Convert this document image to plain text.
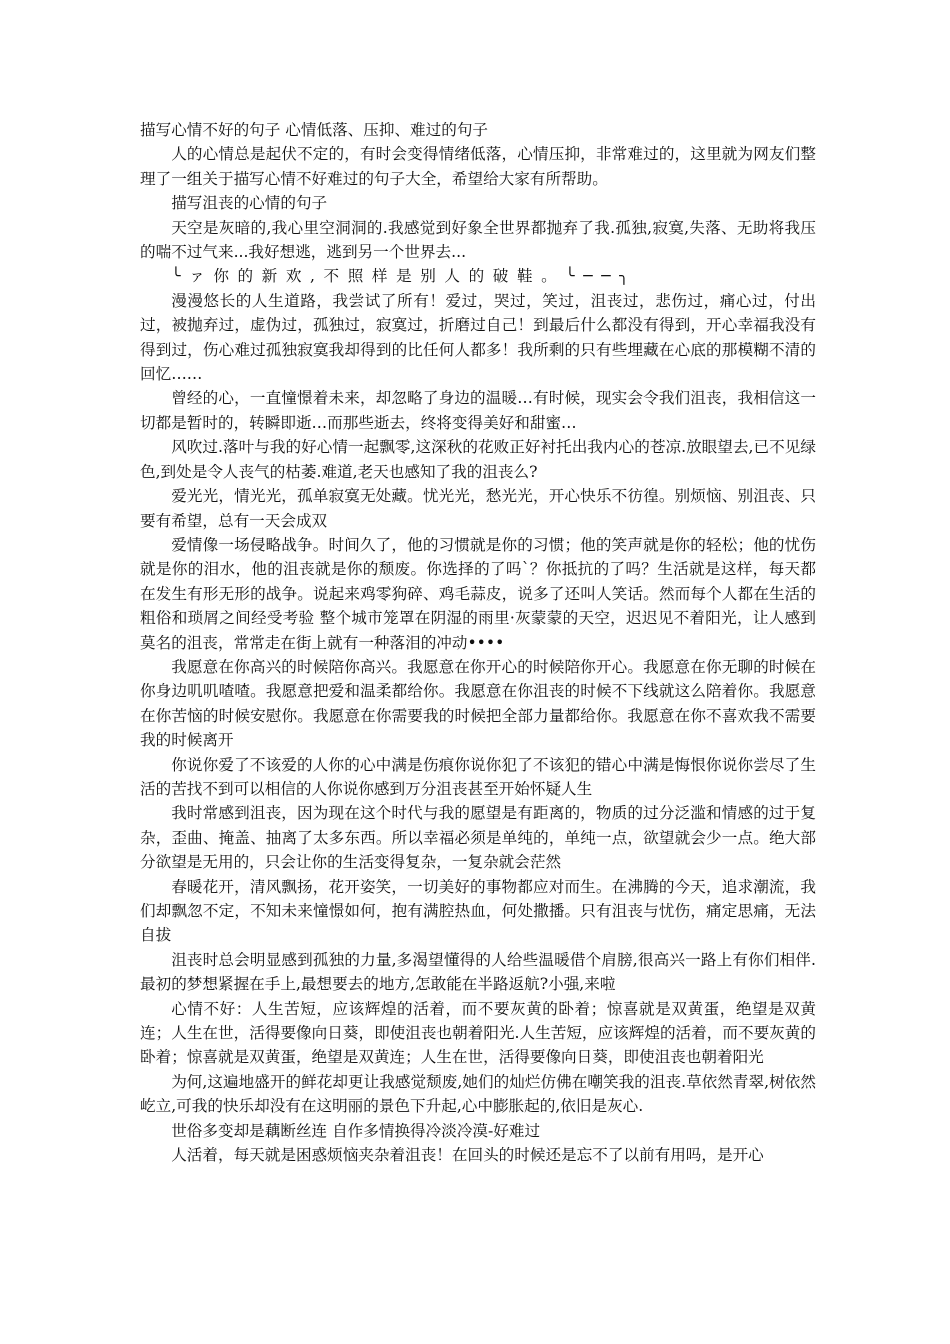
描写心情不好的句子 心情低落、压抑、难过的句子

人的心情总是起伏不定的，有时会变得情绪低落，心情压抑，非常难过的，这里就为网友们整理了一组关于描写心情不好难过的句子大全，希望给大家有所帮助。

描写沮丧的心情的句子

天空是灰暗的,我心里空洞洞的.我感觉到好象全世界都抛弃了我.孤独,寂寞,失落、无助将我压的喘不过气来...我好想逃，逃到另一个世界去...

╰ァ你的新欢,不照样是别人的破鞋。╰──╮

漫漫悠长的人生道路，我尝试了所有！爱过，哭过，笑过，沮丧过，悲伤过，痛心过，付出过，被抛弃过，虚伪过，孤独过，寂寞过，折磨过自己！到最后什么都没有得到，开心幸福我没有得到过，伤心难过孤独寂寞我却得到的比任何人都多！我所剩的只有些埋藏在心底的那模糊不清的回忆……

曾经的心，一直憧憬着未来，却忽略了身边的温暖…有时候，现实会令我们沮丧，我相信这一切都是暂时的，转瞬即逝…而那些逝去，终将变得美好和甜蜜…

风吹过.落叶与我的好心情一起飘零,这深秋的花败正好衬托出我内心的苍凉.放眼望去,已不见绿色,到处是令人丧气的枯萎.难道,老天也感知了我的沮丧么?

爱光光，情光光，孤单寂寞无处藏。忧光光，愁光光，开心快乐不彷徨。别烦恼、别沮丧、只要有希望，总有一天会成双

爱情像一场侵略战争。时间久了，他的习惯就是你的习惯；他的笑声就是你的轻松；他的忧伤就是你的泪水，他的沮丧就是你的颓废。你选择的了吗`？你抵抗的了吗？生活就是这样，每天都在发生有形无形的战争。说起来鸡零狗碎、鸡毛蒜皮，说多了还叫人笑话。然而每个人都在生活的粗俗和琐屑之间经受考验 整个城市笼罩在阴湿的雨里·灰蒙蒙的天空，迟迟见不着阳光，让人感到莫名的沮丧，常常走在街上就有一种落泪的冲动••••

我愿意在你高兴的时候陪你高兴。我愿意在你开心的时候陪你开心。我愿意在你无聊的时候在你身边叽叽喳喳。我愿意把爱和温柔都给你。我愿意在你沮丧的时候不下线就这么陪着你。我愿意在你苦恼的时候安慰你。我愿意在你需要我的时候把全部力量都给你。我愿意在你不喜欢我不需要我的时候离开

你说你爱了不该爱的人你的心中满是伤痕你说你犯了不该犯的错心中满是悔恨你说你尝尽了生活的苦找不到可以相信的人你说你感到万分沮丧甚至开始怀疑人生

我时常感到沮丧，因为现在这个时代与我的愿望是有距离的，物质的过分泛滥和情感的过于复杂，歪曲、掩盖、抽离了太多东西。所以幸福必须是单纯的，单纯一点，欲望就会少一点。绝大部分欲望是无用的，只会让你的生活变得复杂，一复杂就会茫然

春暖花开，清风飘扬，花开姿笑，一切美好的事物都应对而生。在沸腾的今天，追求潮流，我们却飘忽不定，不知未来憧憬如何，抱有满腔热血，何处撒播。只有沮丧与忧伤，痛定思痛，无法自拔

沮丧时总会明显感到孤独的力量,多渴望懂得的人给些温暖借个肩膀,很高兴一路上有你们相伴.最初的梦想紧握在手上,最想要去的地方,怎敢能在半路返航?小强,来啦

心情不好：人生苦短，应该辉煌的活着，而不要灰黄的卧着；惊喜就是双黄蛋，绝望是双黄连；人生在世，活得要像向日葵，即使沮丧也朝着阳光.人生苦短，应该辉煌的活着，而不要灰黄的卧着；惊喜就是双黄蛋，绝望是双黄连；人生在世，活得要像向日葵，即使沮丧也朝着阳光

为何,这遍地盛开的鲜花却更让我感觉颓废,她们的灿烂仿佛在嘲笑我的沮丧.草依然青翠,树依然屹立,可我的快乐却没有在这明丽的景色下升起,心中膨胀起的,依旧是灰心.

世俗多变却是藕断丝连 自作多情换得冷淡冷漠-好难过

人活着，每天就是困惑烦恼夹杂着沮丧！在回头的时候还是忘不了以前有用吗，是开心
